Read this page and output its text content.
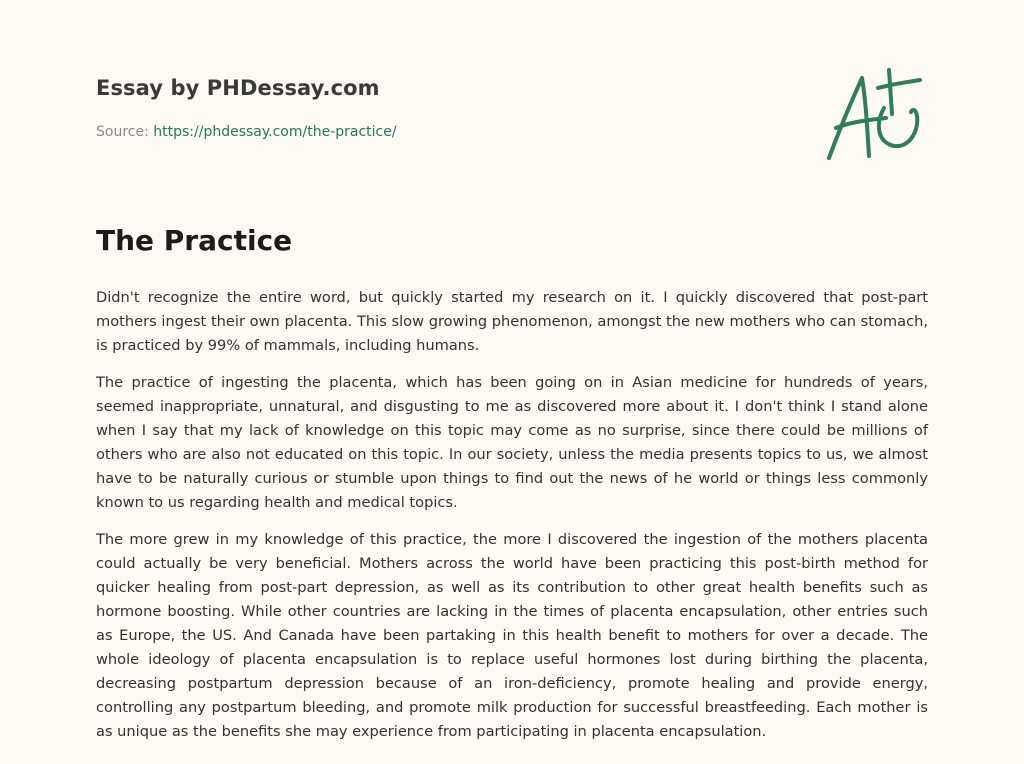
Essay by PHDessay.com
Source: https://phdessay.com/the-practice/
The Practice

Didn't recognize the entire word, but quickly started my research on it. I quickly discovered that post-part mothers ingest their own placenta. This slow growing phenomenon, amongst the new mothers who can stomach, is practiced by 99% of mammals, including humans.

The practice of ingesting the placenta, which has been going on in Asian medicine for hundreds of years, seemed inappropriate, unnatural, and disgusting to me as discovered more about it. I don't think I stand alone when I say that my lack of knowledge on this topic may come as no surprise, since there could be millions of others who are also not educated on this topic. In our society, unless the media presents topics to us, we almost have to be naturally curious or stumble upon things to find out the news of he world or things less commonly known to us regarding health and medical topics.

The more grew in my knowledge of this practice, the more I discovered the ingestion of the mothers placenta could actually be very beneficial. Mothers across the world have been practicing this post-birth method for quicker healing from post-part depression, as well as its contribution to other great health benefits such as hormone boosting. While other countries are lacking in the times of placenta encapsulation, other entries such as Europe, the US. And Canada have been partaking in this health benefit to mothers for over a decade. The whole ideology of placenta encapsulation is to replace useful hormones lost during birthing the placenta, decreasing postpartum depression because of an iron-deficiency, promote healing and provide energy, controlling any postpartum bleeding, and promote milk production for successful breastfeeding. Each mother is as unique as the benefits she may experience from participating in placenta encapsulation.
